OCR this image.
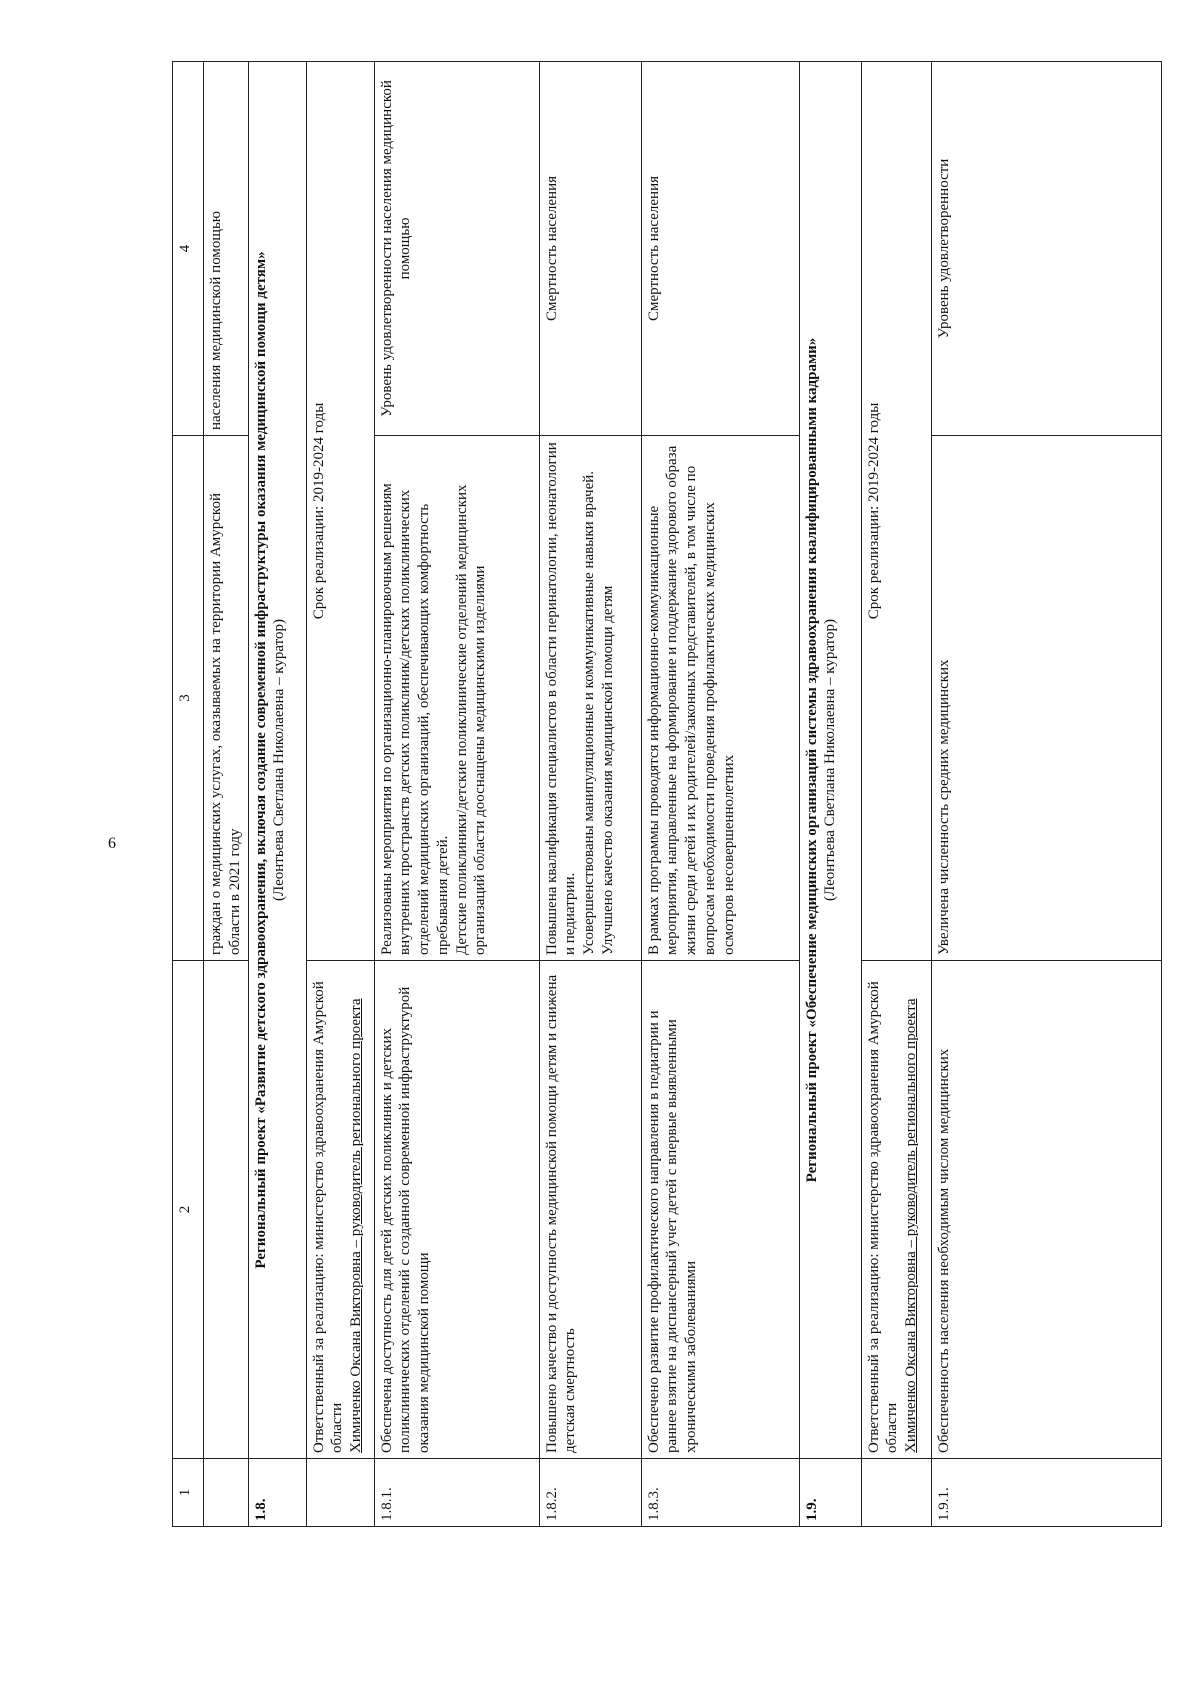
6
1	2	3	4
		граждан о медицинских услугах, оказываемых на территории Амурской области в 2021 году	населения медицинской помощью
1.8.	Региональный проект «Развитие детского здравоохранения, включая создание современной инфраструктуры оказания медицинской помощи детям» (Леонтьева Светлана Николаевна – куратор)		

	Ответственный за реализацию: министерство здравоохранения Амурской области Химиченко Оксана Викторовна – руководитель регионального проекта	Срок реализации: 2019-2024 годы	
1.8.1.	Обеспечена доступность для детей детских поликлиник и детских поликлинических отделений с созданной современной инфраструктурой оказания медицинской помощи	Реализованы мероприятия по организационно-планировочным решениям внутренних пространств детских поликлиник/детских поликлинических отделений медицинских организаций, обеспечивающих комфортность пребывания детей. Детские поликлиники/детские поликлинические отделений медицинских организаций области дооснащены медицинскими изделиями	Уровень удовлетворенности населения медицинской помощью
1.8.2.	Повышено качество и доступность медицинской помощи детям и снижена детская смертность	Повышена квалификация специалистов в области перинатологии, неонатологии и педиатрии. Усовершенствованы манипуляционные и коммуникативные навыки врачей. Улучшено качество оказания медицинской помощи детям	Смертность населения
1.8.3.	Обеспечено развитие профилактического направления в педиатрии и раннее взятие на диспансерный учет детей с впервые выявленными хроническими заболеваниями	В рамках программы проводятся информационно-коммуникационные мероприятия, направленные на формирование и поддержание здорового образа жизни среди детей и их родителей/законных представителей, в том числе по вопросам необходимости проведения профилактических медицинских осмотров несовершеннолетних	Смертность населения
1.9.	Региональный проект «Обеспечение медицинских организаций системы здравоохранения квалифицированными кадрами» (Леонтьева Светлана Николаевна – куратор)		

	Ответственный за реализацию: министерство здравоохранения Амурской области Химиченко Оксана Викторовна – руководитель регионального проекта	Срок реализации: 2019-2024 годы	
1.9.1.	Обеспеченность населения необходимым числом медицинских	Увеличена численность средних медицинских	Уровень удовлетворенности
